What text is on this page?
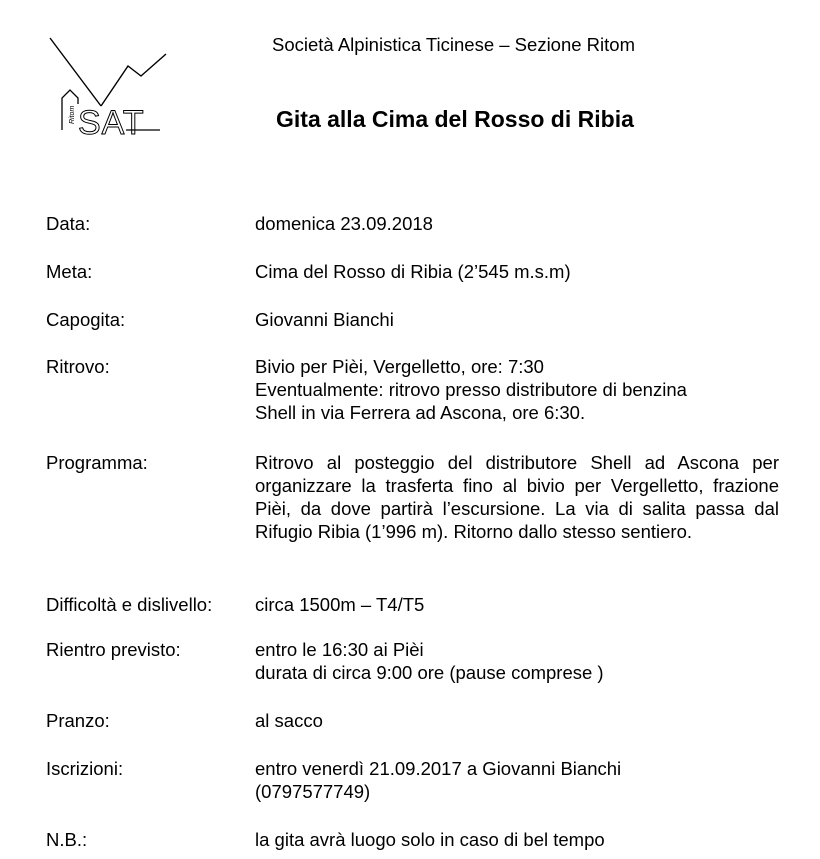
Ritom SAT
Società Alpinistica Ticinese – Sezione Ritom
Gita alla Cima del Rosso di Ribia
Data:	domenica 23.09.2018
Meta:	Cima del Rosso di Ribia (2’545 m.s.m)
Capogita:	Giovanni Bianchi
Ritrovo:	Bivio per Pièi, Vergelletto, ore: 7:30
Eventualmente: ritrovo presso distributore di benzina
Shell in via Ferrera ad Ascona, ore 6:30.
Programma:	Ritrovo al posteggio del distributore Shell ad Ascona per organizzare la trasferta fino al bivio per Vergelletto, frazione Pièi, da dove partirà l’escursione. La via di salita passa dal Rifugio Ribia (1’996 m). Ritorno dallo stesso sentiero.
Difficoltà e dislivello:	circa 1500m – T4/T5
Rientro previsto:	entro le 16:30 ai Pièi
durata di circa 9:00 ore (pause comprese )
Pranzo:	al sacco
Iscrizioni:	entro venerdì 21.09.2017 a Giovanni Bianchi
(0797577749)
N.B.:	la gita avrà luogo solo in caso di bel tempo
